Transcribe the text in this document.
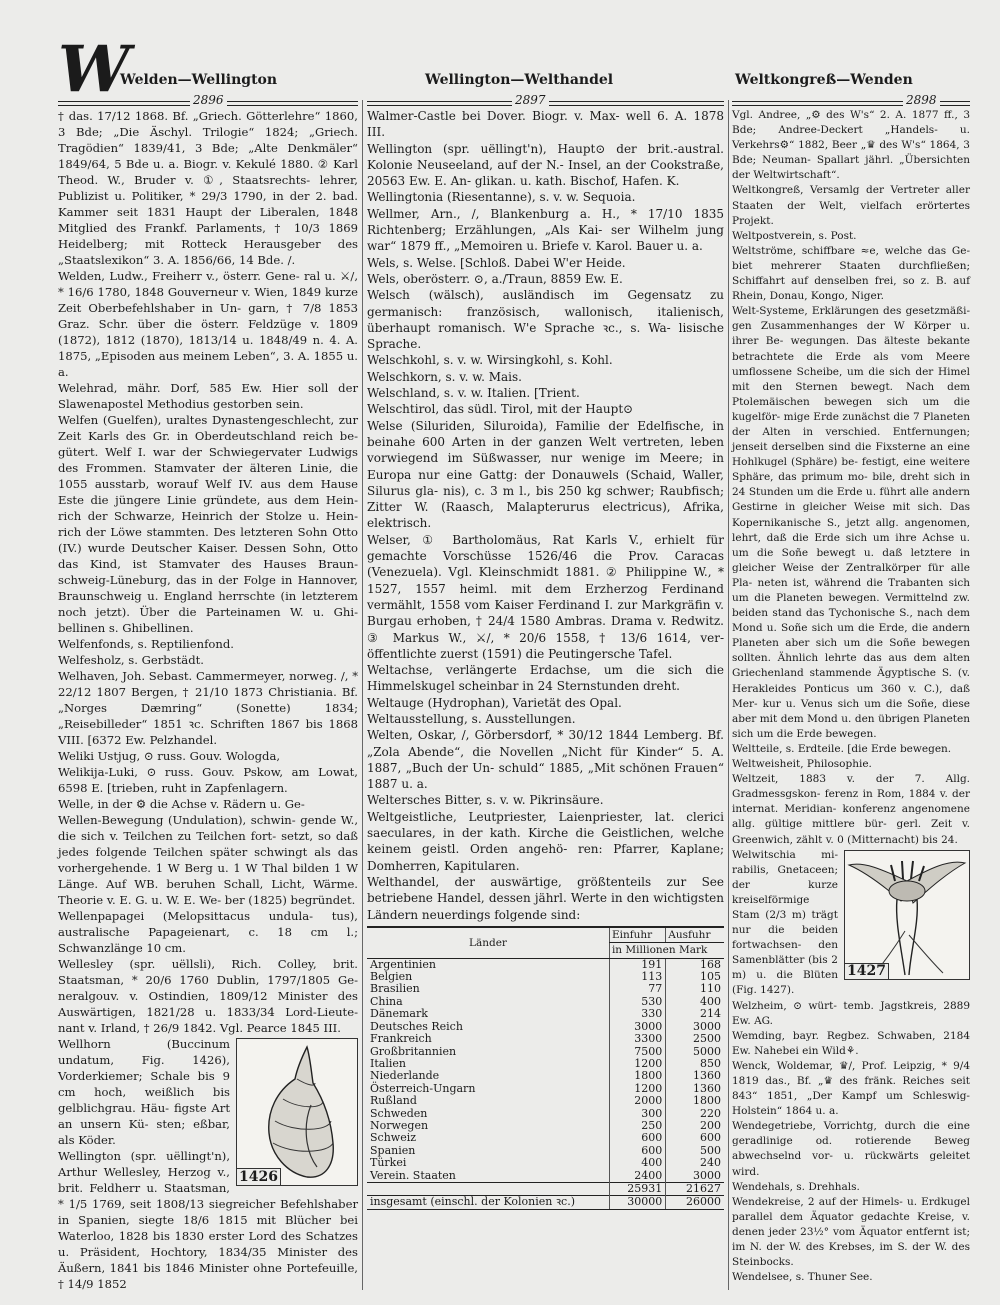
W
Welden—Wellington	Wellington—Welthandel	Weltkongreß—Wenden
2896	2897	2898

† das. 17/12 1868. Bf. „Griech. Götterlehre“ 1860, 3 Bde; „Die Äschyl. Trilogie“ 1824; „Griech. Tragödien“ 1839/41, 3 Bde; „Alte Denkmäler“ 1849/64, 5 Bde u. a. Biogr. v. Kekulé 1880. ② Karl Theod. W., Bruder v. ①, Staatsrechts- lehrer, Publizist u. Politiker, * 29/3 1790, in der 2. bad. Kammer seit 1831 Haupt der Liberalen, 1848 Mitglied des Frankf. Parlaments, † 10/3 1869 Heidelberg; mit Rotteck Herausgeber des „Staatslexikon“ 3. A. 1856/66, 14 Bde. /.

Welden, Ludw., Freiherr v., österr. Gene- ral u. ⚔/, * 16/6 1780, 1848 Gouverneur v. Wien, 1849 kurze Zeit Oberbefehlshaber in Un- garn, † 7/8 1853 Graz. Schr. über die österr. Feldzüge v. 1809 (1872), 1812 (1870), 1813/14 u. 1848/49 n. 4. A. 1875, „Episoden aus meinem Leben“, 3. A. 1855 u. a.

Welehrad, mähr. Dorf, 585 Ew. Hier soll der Slawenapostel Methodius gestorben sein.

Welfen (Guelfen), uraltes Dynastengeschlecht, zur Zeit Karls des Gr. in Oberdeutschland reich be- gütert. Welf I. war der Schwiegervater Ludwigs des Frommen. Stamvater der älteren Linie, die 1055 ausstarb, worauf Welf IV. aus dem Hause Este die jüngere Linie gründete, aus dem Hein- rich der Schwarze, Heinrich der Stolze u. Hein- rich der Löwe stammten. Des letzteren Sohn Otto (IV.) wurde Deutscher Kaiser. Dessen Sohn, Otto das Kind, ist Stamvater des Hauses Braun- schweig-Lüneburg, das in der Folge in Hannover, Braunschweig u. England herrschte (in letzterem noch jetzt). Über die Parteinamen W. u. Ghi- bellinen s. Ghibellinen.

Welfenfonds, s. Reptilienfond.

Welfesholz, s. Gerbstädt.

Welhaven, Joh. Sebast. Cammermeyer, norweg. /, * 22/12 1807 Bergen, † 21/10 1873 Christiania. Bf. „Norges Dæmring“ (Sonette) 1834; „Reisebilleder“ 1851 ꝛc. Schriften 1867 bis 1868 VIII. [6372 Ew. Pelzhandel.

Weliki Ustjug, ⊙ russ. Gouv. Wologda,

Welikija-Luki, ⊙ russ. Gouv. Pskow, am Lowat, 6598 E. [trieben, ruht in Zapfenlagern.

Welle, in der ⚙ die Achse v. Rädern u. Ge-

Wellen-Bewegung (Undulation), schwin- gende W., die sich v. Teilchen zu Teilchen fort- setzt, so daß jedes folgende Teilchen später schwingt als das vorhergehende. 1 W Berg u. 1 W Thal bilden 1 W Länge. Auf WB. beruhen Schall, Licht, Wärme. Theorie v. E. G. u. W. E. We- ber (1825) begründet.

Wellenpapagei (Melopsittacus undula- tus), australische Papageienart, c. 18 cm l.; Schwanzlänge 10 cm.

Wellesley (spr. uëllsli), Rich. Colley, brit. Staatsman, * 20/6 1760 Dublin, 1797/1805 Ge- neralgouv. v. Ostindien, 1809/12 Minister des Auswärtigen, 1821/28 u. 1833/34 Lord-Lieute- nant v. Irland, † 26/9 1842. Vgl. Pearce 1845 III.

1426

Wellhorn (Buccinum undatum, Fig. 1426), Vorderkiemer; Schale bis 9 cm hoch, weißlich bis gelblichgrau. Häu- figste Art an unsern Kü- sten; eßbar, als Köder.

Wellington (spr. uëllingt'n), Arthur Wellesley, Herzog v., brit. Feldherr u. Staatsman, * 1/5 1769, seit 1808/13 siegreicher Befehlshaber in Spanien, siegte 18/6 1815 mit Blücher bei Waterloo, 1828 bis 1830 erster Lord des Schatzes u. Präsident, Hochtory, 1834/35 Minister des Äußern, 1841 bis 1846 Minister ohne Portefeuille, † 14/9 1852

Walmer-Castle bei Dover. Biogr. v. Max- well 6. A. 1878 III.

Wellington (spr. uëllingt'n), Haupt⊙ der brit.-austral. Kolonie Neuseeland, auf der N.- Insel, an der Cookstraße, 20563 Ew. E. An- glikan. u. kath. Bischof, Hafen. K.

Wellingtonia (Riesentanne), s. v. w. Sequoia.

Wellmer, Arn., /, Blankenburg a. H., * 17/10 1835 Richtenberg; Erzählungen, „Als Kai- ser Wilhelm jung war“ 1879 ff., „Memoiren u. Briefe v. Karol. Bauer u. a.

Wels, s. Welse. [Schloß. Dabei W'er Heide.

Wels, oberösterr. ⊙, a./Traun, 8859 Ew. E.

Welsch (wälsch), ausländisch im Gegensatz zu germanisch: französisch, wallonisch, italienisch, überhaupt romanisch. W'e Sprache ꝛc., s. Wa- lisische Sprache.

Welschkohl, s. v. w. Wirsingkohl, s. Kohl.

Welschkorn, s. v. w. Mais.

Welschland, s. v. w. Italien. [Trient.

Welschtirol, das südl. Tirol, mit der Haupt⊙

Welse (Siluriden, Siluroida), Familie der Edelfische, in beinahe 600 Arten in der ganzen Welt vertreten, leben vorwiegend im Süßwasser, nur wenige im Meere; in Europa nur eine Gattg: der Donauwels (Schaid, Waller, Silurus gla- nis), c. 3 m l., bis 250 kg schwer; Raubfisch; Zitter W. (Raasch, Malapterurus electricus), Afrika, elektrisch.

Welser, ① Bartholomäus, Rat Karls V., erhielt für gemachte Vorschüsse 1526/46 die Prov. Caracas (Venezuela). Vgl. Kleinschmidt 1881. ② Philippine W., * 1527, 1557 heiml. mit dem Erzherzog Ferdinand vermählt, 1558 vom Kaiser Ferdinand I. zur Markgräfin v. Burgau erhoben, † 24/4 1580 Ambras. Drama v. Redwitz. ③ Markus W., ⚔/, * 20/6 1558, † 13/6 1614, ver- öffentlichte zuerst (1591) die Peutingersche Tafel.

Weltachse, verlängerte Erdachse, um die sich die Himmelskugel scheinbar in 24 Sternstunden dreht.

Weltauge (Hydrophan), Varietät des Opal.

Weltausstellung, s. Ausstellungen.

Welten, Oskar, /, Görbersdorf, * 30/12 1844 Lemberg. Bf. „Zola Abende“, die Novellen „Nicht für Kinder“ 5. A. 1887, „Buch der Un- schuld“ 1885, „Mit schönen Frauen“ 1887 u. a.

Weltersches Bitter, s. v. w. Pikrinsäure.

Weltgeistliche, Leutpriester, Laienpriester, lat. clerici saeculares, in der kath. Kirche die Geistlichen, welche keinem geistl. Orden angehö- ren: Pfarrer, Kaplane; Domherren, Kapitularen.

Welthandel, der auswärtige, größtenteils zur See betriebene Handel, dessen jährl. Werte in den wichtigsten Ländern neuerdings folgende sind:

Länder	Einfuhr	Ausfuhr
	in Millionen Mark	
Argentinien	191	168
Belgien	113	105
Brasilien	77	110
China	530	400
Dänemark	330	214
Deutsches Reich	3000	3000
Frankreich	3300	2500
Großbritannien	7500	5000
Italien	1200	850
Niederlande	1800	1360
Österreich-Ungarn	1200	1360
Rußland	2000	1800
Schweden	300	220
Norwegen	250	200
Schweiz	600	600
Spanien	600	500
Türkei	400	240
Verein. Staaten	2400	3000
	25931	21627
insgesamt (einschl. der Kolonien ꝛc.)	30000	26000

Vgl. Andree, „⚙ des W's“ 2. A. 1877 ff., 3 Bde; Andree-Deckert „Handels- u. Verkehrs⚙“ 1882, Beer „♛ des W's“ 1864, 3 Bde; Neuman- Spallart jährl. „Übersichten der Weltwirtschaft“.

Weltkongreß, Versamlg der Vertreter aller Staaten der Welt, vielfach erörtertes Projekt.

Weltpostverein, s. Post.

Weltströme, schiffbare ≈e, welche das Ge- biet mehrerer Staaten durchfließen; Schiffahrt auf denselben frei, so z. B. auf Rhein, Donau, Kongo, Niger.

Welt-Systeme, Erklärungen des gesetzmäßi- gen Zusammenhanges der W Körper u. ihrer Be- wegungen. Das älteste bekante betrachtete die Erde als vom Meere umflossene Scheibe, um die sich der Himel mit den Sternen bewegt. Nach dem Ptolemäischen bewegen sich um die kugelför- mige Erde zunächst die 7 Planeten der Alten in verschied. Entfernungen; jenseit derselben sind die Fixsterne an eine Hohlkugel (Sphäre) be- festigt, eine weitere Sphäre, das primum mo- bile, dreht sich in 24 Stunden um die Erde u. führt alle andern Gestirne in gleicher Weise mit sich. Das Kopernikanische S., jetzt allg. angenomen, lehrt, daß die Erde sich um ihre Achse u. um die Soñe bewegt u. daß letztere in gleicher Weise der Zentralkörper für alle Pla- neten ist, während die Trabanten sich um die Planeten bewegen. Vermittelnd zw. beiden stand das Tychonische S., nach dem Mond u. Soñe sich um die Erde, die andern Planeten aber sich um die Soñe bewegen sollten. Ähnlich lehrte das aus dem alten Griechenland stammende Ägyptische S. (v. Herakleides Ponticus um 360 v. C.), daß Mer- kur u. Venus sich um die Soñe, diese aber mit dem Mond u. den übrigen Planeten sich um die Erde bewegen.

Weltteile, s. Erdteile. [die Erde bewegen.

Weltweisheit, Philosophie.

Weltzeit, 1883 v. der 7. Allg. Gradmessgskon- ferenz in Rom, 1884 v. der internat. Meridian- konferenz angenomene allg. gültige mittlere bür- gerl. Zeit v. Greenwich, zählt v. 0 (Mitternacht) bis 24.

1427

Welwitschia mi- rabilis, Gnetaceen; der kurze kreiselförmige Stam (2/3 m) trägt nur die beiden fortwachsen- den Samenblätter (bis 2 m) u. die Blüten (Fig. 1427).

Welzheim, ⊙ würt- temb. Jagstkreis, 2889 Ew. AG.

Wemding, bayr. Regbez. Schwaben, 2184 Ew. Nahebei ein Wild⚘.

Wenck, Woldemar, ♛/, Prof. Leipzig, * 9/4 1819 das., Bf. „♛ des fränk. Reiches seit 843“ 1851, „Der Kampf um Schleswig-Holstein“ 1864 u. a.

Wendegetriebe, Vorrichtg, durch die eine geradlinige od. rotierende Beweg abwechselnd vor- u. rückwärts geleitet wird.

Wendehals, s. Drehhals.

Wendekreise, 2 auf der Himels- u. Erdkugel parallel dem Äquator gedachte Kreise, v. denen jeder 23½° vom Äquator entfernt ist; im N. der W. des Krebses, im S. der W. des Steinbocks.

Wendelsee, s. Thuner See.
